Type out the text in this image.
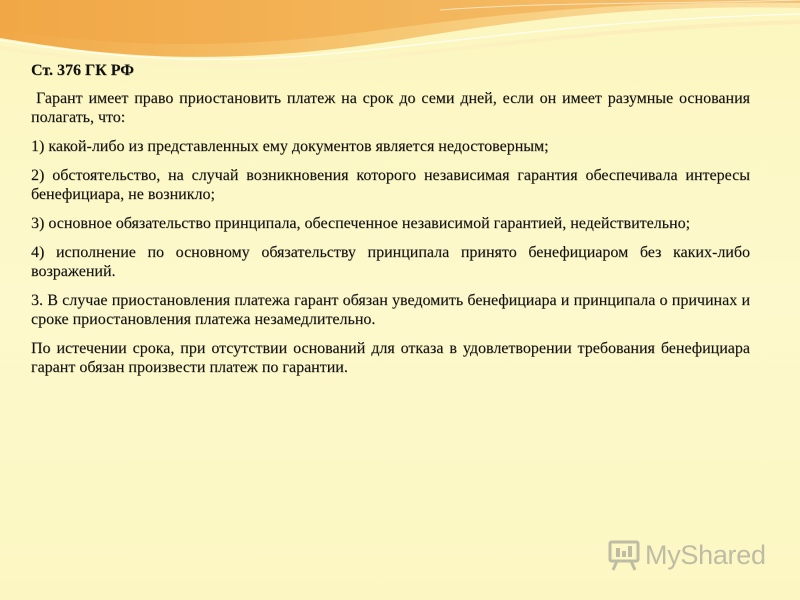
Ст. 376 ГК РФ

Гарант имеет право приостановить платеж на срок до семи дней, если он имеет разумные основания полагать, что:

1) какой-либо из представленных ему документов является недостоверным;

2) обстоятельство, на случай возникновения которого независимая гарантия обеспечивала интересы бенефициара, не возникло;

3) основное обязательство принципала, обеспеченное независимой гарантией, недействительно;

4) исполнение по основному обязательству принципала принято бенефициаром без каких-либо возражений.

3. В случае приостановления платежа гарант обязан уведомить бенефициара и принципала о причинах и сроке приостановления платежа незамедлительно.

По истечении срока, при отсутствии оснований для отказа в удовлетворении требования бенефициара гарант обязан произвести платеж по гарантии.

MyShared
